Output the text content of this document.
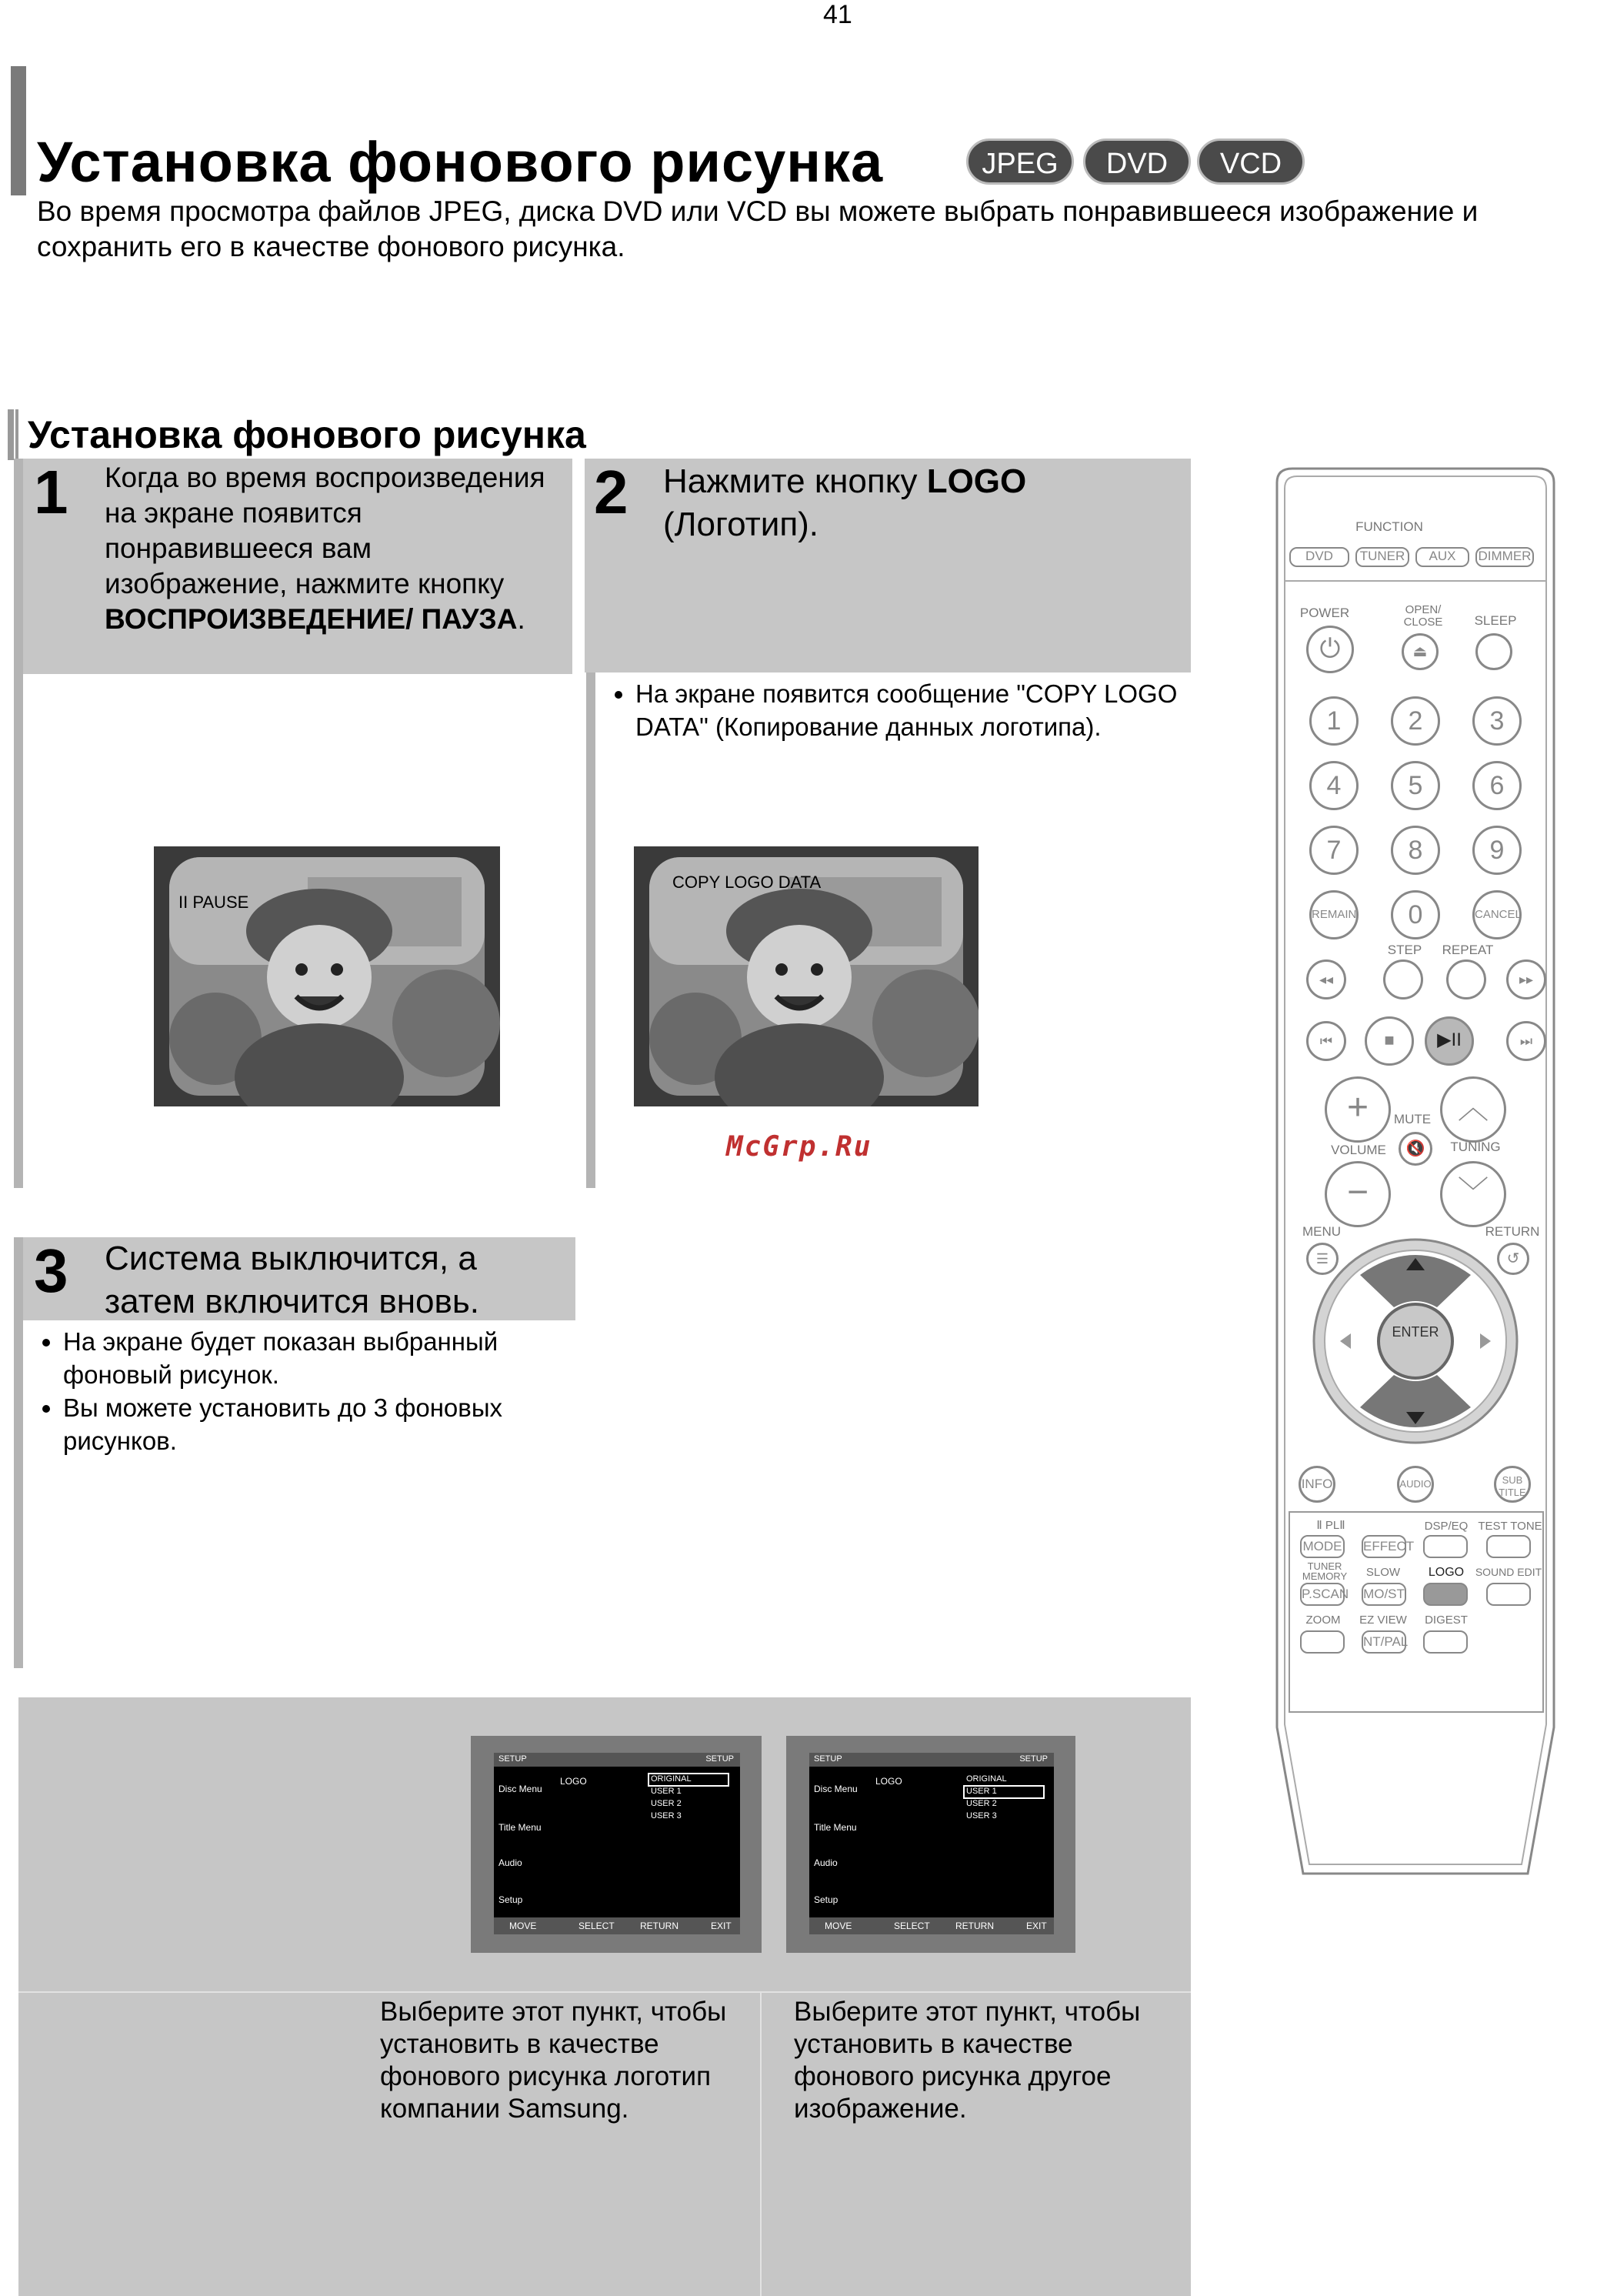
41
Установка фонового рисунка	JPEG	DVD	VCD
Во время просмотра файлов JPEG, диска DVD или VCD вы можете выбрать понравившееся изображение и сохранить его в качестве фонового рисунка.
Установка фонового рисунка
1 Когда во время воспроизведения на экране появится понравившееся вам изображение, нажмите кнопку ВОСПРОИЗВЕДЕНИЕ/ ПАУЗА.
II PAUSE
2 Нажмите кнопку LOGO (Логотип).
• На экране появится сообщение "COPY LOGO DATA" (Копирование данных логотипа).
COPY LOGO DATA
McGrp.Ru
3 Система выключится, а затем включится вновь.
• На экране будет показан выбранный фоновый рисунок.
• Вы можете установить до 3 фоновых рисунков.
SETUP	SETUP
Disc Menu
Title Menu
Audio
Setup
LOGO	ORIGINAL
USER 1
USER 2
USER 3
MOVE	SELECT	RETURN	EXIT
SETUP	SETUP
Disc Menu
Title Menu
Audio
Setup
LOGO	ORIGINAL
USER 1
USER 2
USER 3
MOVE	SELECT	RETURN	EXIT
Выберите этот пункт, чтобы установить в качестве фонового рисунка логотип компании Samsung.
Выберите этот пункт, чтобы установить в качестве фонового рисунка другое изображение.
FUNCTION
DVD	TUNER	AUX	DIMMER
POWER
⏻
OPEN/ CLOSE
⏏
SLEEP
1	2	3
4	5	6
7	8	9
REMAIN	0	CANCEL
STEP	REPEAT
◂◂	▸▸
⏮	■	▶II	⏭
+	MUTE
🔇
︿
VOLUME	TUNING
−	﹀
MENU
☰
RETURN
↺
ENTER
INFO	AUDIO	SUB TITLE
Ⅱ PLⅡ
MODE EFFECT
DSP/EQ TEST TONE
TUNER MEMORY	SLOW	LOGO	SOUND EDIT
P.SCAN MO/ST
ZOOM	EZ VIEW	DIGEST
NT/PAL
